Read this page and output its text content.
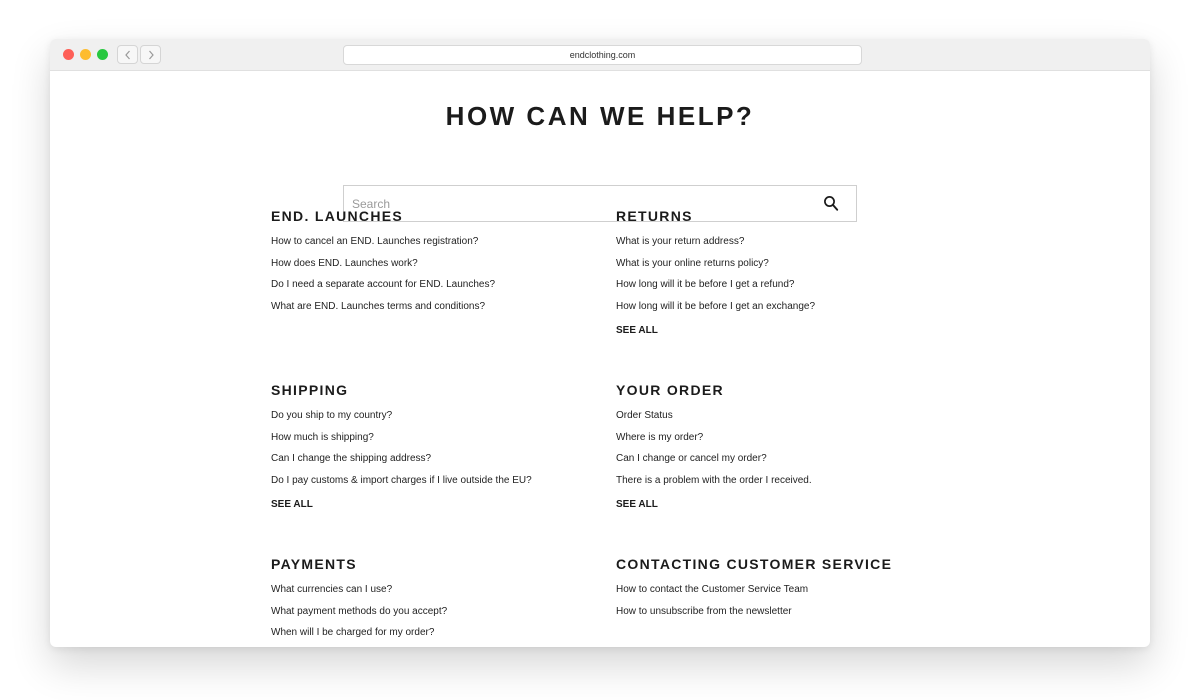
endclothing.com
HOW CAN WE HELP?
Search
END. LAUNCHES
How to cancel an END. Launches registration?
How does END. Launches work?
Do I need a separate account for END. Launches?
What are END. Launches terms and conditions?
RETURNS
What is your return address?
What is your online returns policy?
How long will it be before I get a refund?
How long will it be before I get an exchange?
SEE ALL
SHIPPING
Do you ship to my country?
How much is shipping?
Can I change the shipping address?
Do I pay customs & import charges if I live outside the EU?
SEE ALL
YOUR ORDER
Order Status
Where is my order?
Can I change or cancel my order?
There is a problem with the order I received.
SEE ALL
PAYMENTS
What currencies can I use?
What payment methods do you accept?
When will I be charged for my order?
CONTACTING CUSTOMER SERVICE
How to contact the Customer Service Team
How to unsubscribe from the newsletter
